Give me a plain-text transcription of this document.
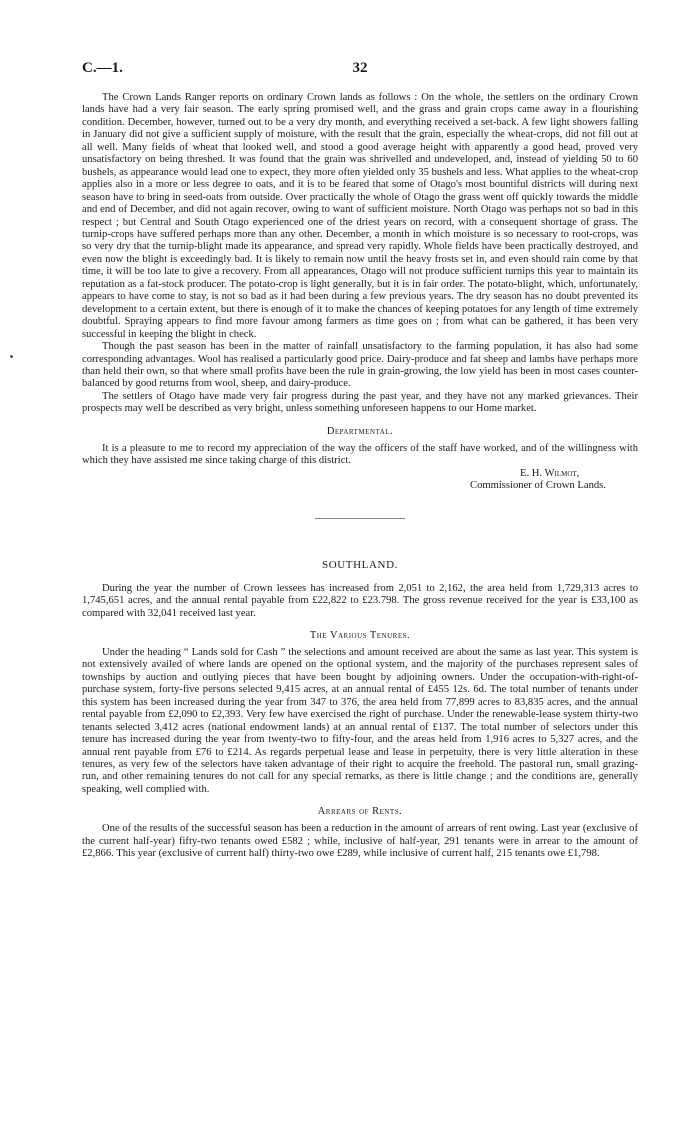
C.—1.	32

The Crown Lands Ranger reports on ordinary Crown lands as follows : On the whole, the settlers on the ordinary Crown lands have had a very fair season. The early spring promised well, and the grass and grain crops came away in a flourishing condition. December, however, turned out to be a very dry month, and everything received a set-back. A few light showers falling in January did not give a sufficient supply of moisture, with the result that the grain, especially the wheat-crops, did not fill out at all well. Many fields of wheat that looked well, and stood a good average height with apparently a good head, proved very unsatisfactory on being threshed. It was found that the grain was shrivelled and undeveloped, and, instead of yielding 50 to 60 bushels, as appearance would lead one to expect, they more often yielded only 35 bushels and less. What applies to the wheat-crop applies also in a more or less degree to oats, and it is to be feared that some of Otago's most bountiful districts will during next season have to bring in seed-oats from outside. Over practically the whole of Otago the grass went off quickly towards the middle and end of December, and did not again recover, owing to want of sufficient moisture. North Otago was perhaps not so bad in this respect ; but Central and South Otago experienced one of the driest years on record, with a consequent shortage of grass. The turnip-crops have suffered perhaps more than any other. December, a month in which moisture is so necessary to root-crops, was so very dry that the turnip-blight made its appearance, and spread very rapidly. Whole fields have been practically destroyed, and even now the blight is exceedingly bad. It is likely to remain now until the heavy frosts set in, and even should rain come by that time, it will be too late to give a recovery. From all appearances, Otago will not produce sufficient turnips this year to maintain its reputation as a fat-stock producer. The potato-crop is light generally, but it is in fair order. The potato-blight, which, unfortunately, appears to have come to stay, is not so bad as it had been during a few previous years. The dry season has no doubt prevented its development to a certain extent, but there is enough of it to make the chances of keeping potatoes for any length of time extremely doubtful. Spraying appears to find more favour among farmers as time goes on ; from what can be gathered, it has been very successful in keeping the blight in check.

Though the past season has been in the matter of rainfall unsatisfactory to the farming population, it has also had some corresponding advantages. Wool has realised a particularly good price. Dairy-produce and fat sheep and lambs have perhaps more than held their own, so that where small profits have been the rule in grain-growing, the low yield has been in most cases counter-balanced by good returns from wool, sheep, and dairy-produce.

The settlers of Otago have made very fair progress during the past year, and they have not any marked grievances. Their prospects may well be described as very bright, unless something unforeseen happens to our Home market.

Departmental.

It is a pleasure to me to record my appreciation of the way the officers of the staff have worked, and of the willingness with which they have assisted me since taking charge of this district.

E. H. Wilmot,
Commissioner of Crown Lands.
SOUTHLAND.

During the year the number of Crown lessees has increased from 2,051 to 2,162, the area held from 1,729,313 acres to 1,745,651 acres, and the annual rental payable from £22,822 to £23.798. The gross revenue received for the year is £33,100 as compared with 32,041 received last year.

The Various Tenures.

Under the heading “ Lands sold for Cash ” the selections and amount received are about the same as last year. This system is not extensively availed of where lands are opened on the optional system, and the majority of the purchases represent sales of townships by auction and outlying pieces that have been bought by adjoining owners. Under the occupation-with-right-of-purchase system, forty-five persons selected 9,415 acres, at an annual rental of £455 12s. 6d. The total number of tenants under this system has been increased during the year from 347 to 376, the area held from 77,899 acres to 83,835 acres, and the annual rental payable from £2,090 to £2,393. Very few have exercised the right of purchase. Under the renewable-lease system thirty-two tenants selected 3,412 acres (national endowment lands) at an annual rental of £137. The total number of selectors under this tenure has increased during the year from twenty-two to fifty-four, and the areas held from 1,916 acres to 5,327 acres, and the annual rent payable from £76 to £214. As regards perpetual lease and lease in perpetuity, there is very little alteration in these tenures, as very few of the selectors have taken advantage of their right to acquire the freehold. The pastoral run, small grazing-run, and other remaining tenures do not call for any special remarks, as there is little change ; and the conditions are, generally speaking, well complied with.

Arrears of Rents.

One of the results of the successful season has been a reduction in the amount of arrears of rent owing. Last year (exclusive of the current half-year) fifty-two tenants owed £582 ; while, inclusive of half-year, 291 tenants were in arrear to the amount of £2,866. This year (exclusive of current half) thirty-two owe £289, while inclusive of current half, 215 tenants owe £1,798.
